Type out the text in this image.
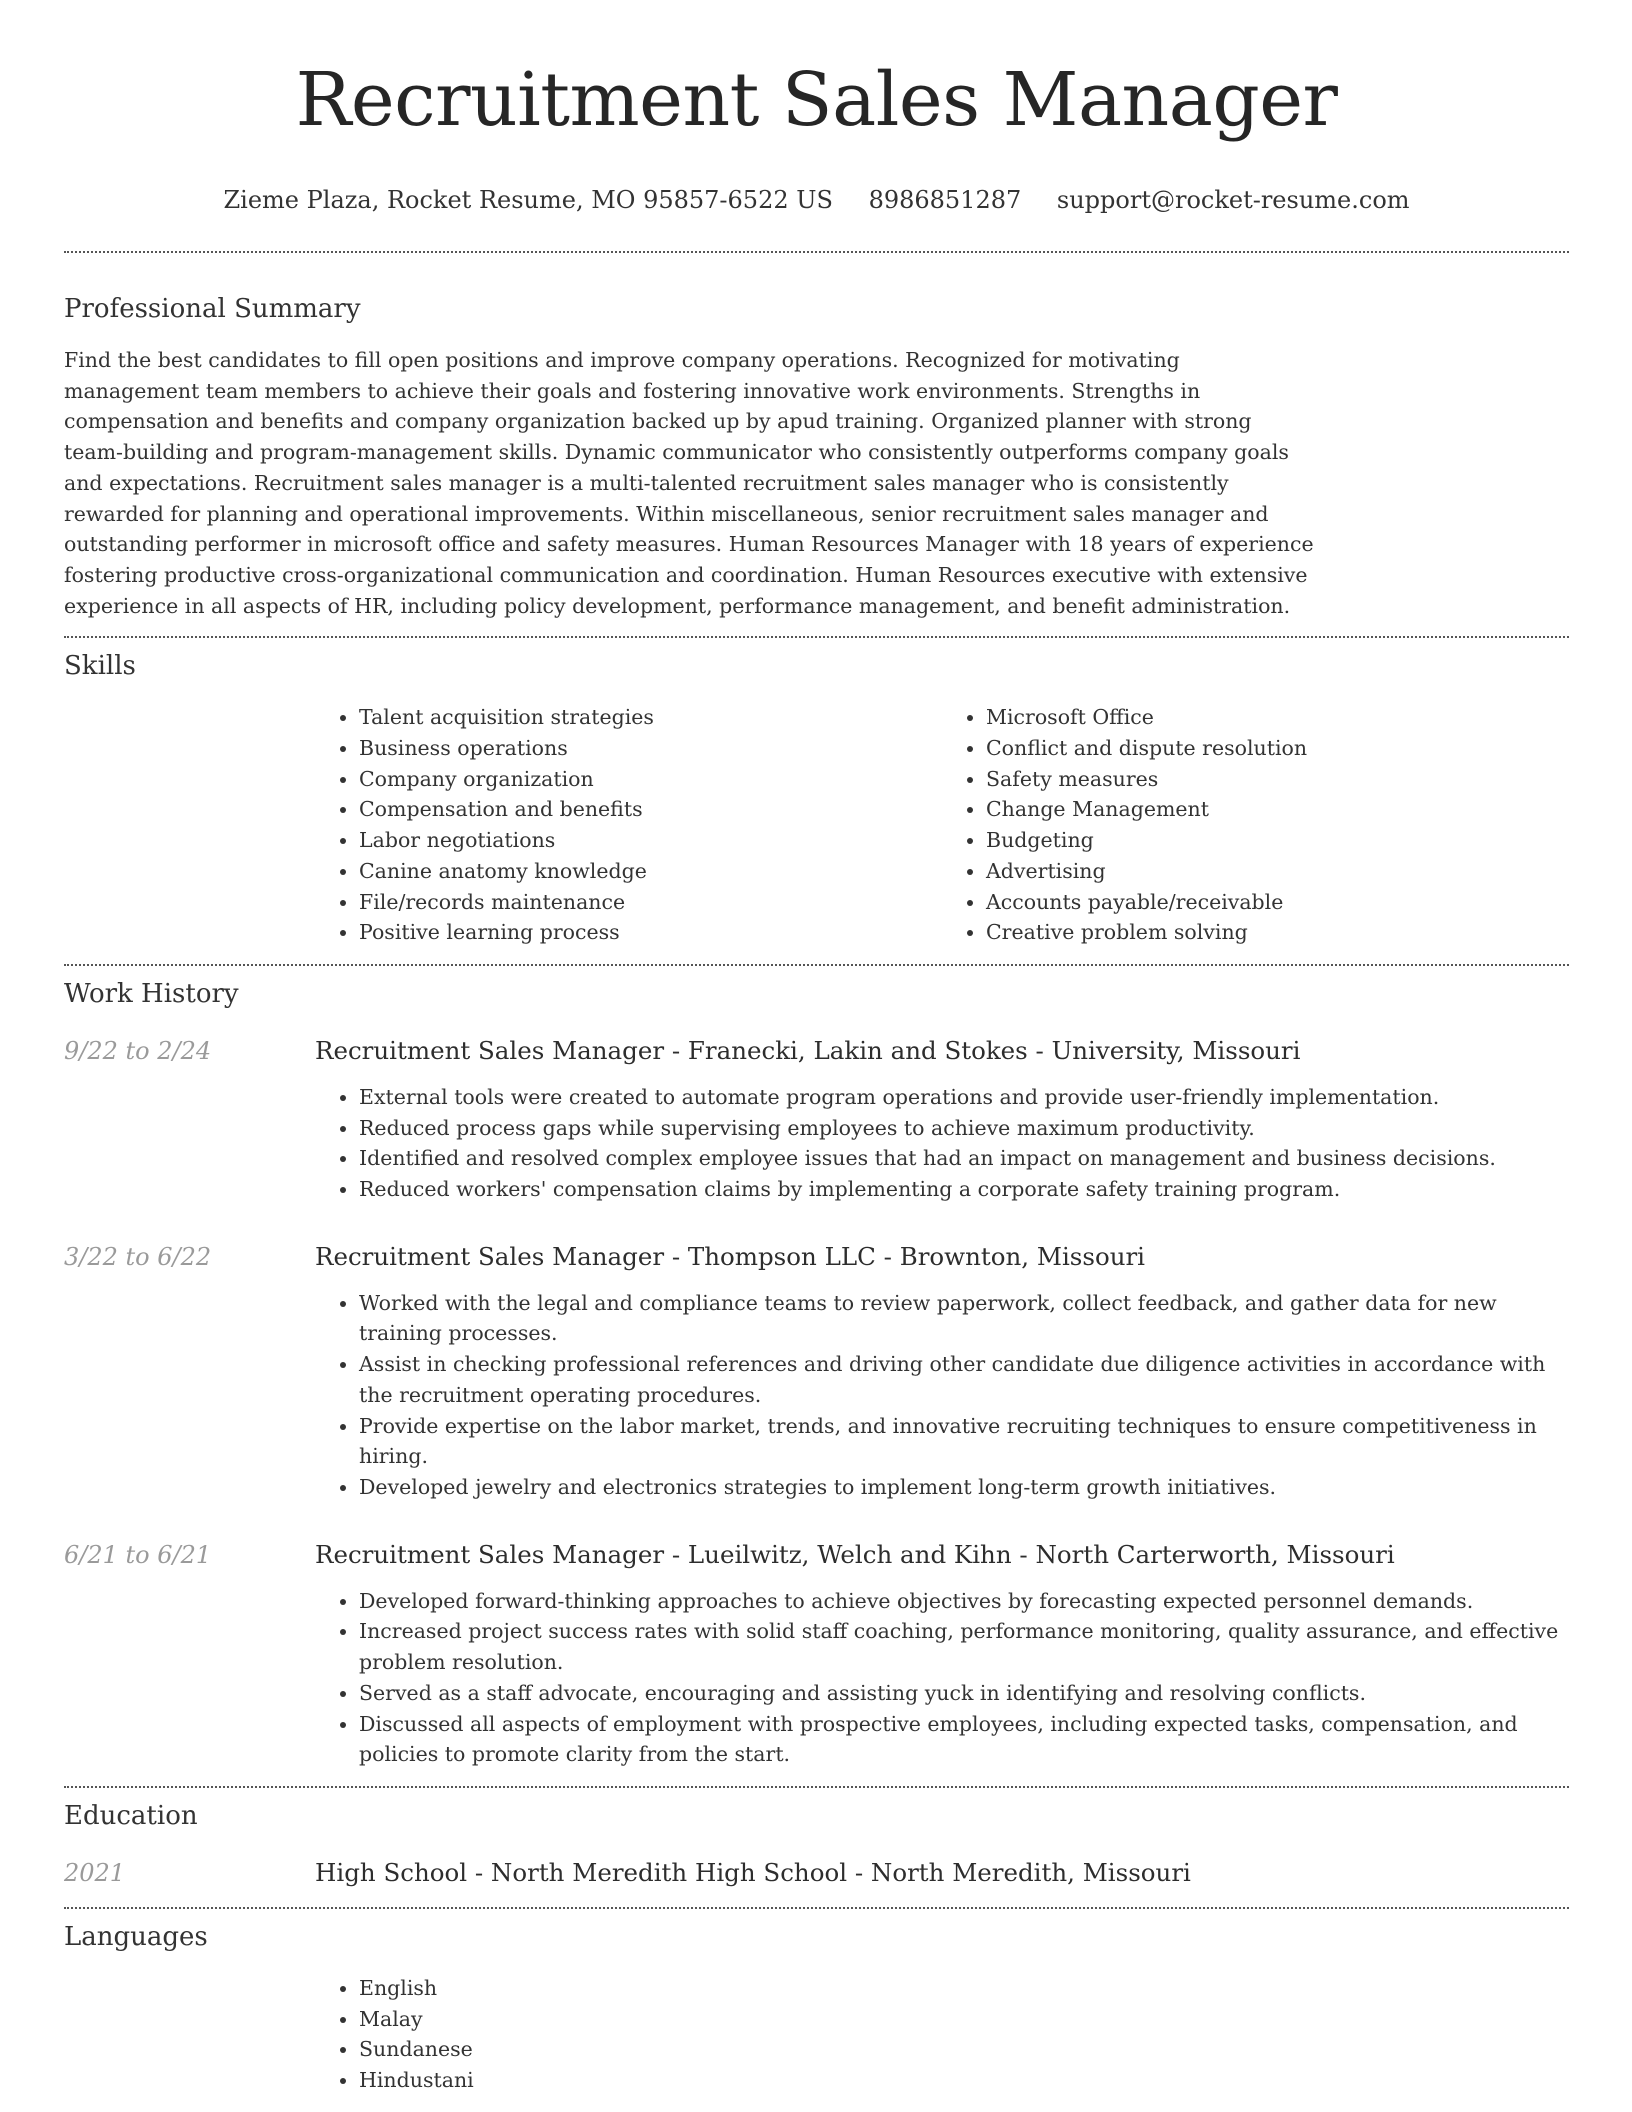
Recruitment Sales Manager
Zieme Plaza, Rocket Resume, MO 95857-6522 US 8986851287 support@rocket-resume.com
Professional Summary

Find the best candidates to fill open positions and improve company operations. Recognized for motivating management team members to achieve their goals and fostering innovative work environments. Strengths in compensation and benefits and company organization backed up by apud training. Organized planner with strong team-building and program-management skills. Dynamic communicator who consistently outperforms company goals and expectations. Recruitment sales manager is a multi-talented recruitment sales manager who is consistently rewarded for planning and operational improvements. Within miscellaneous, senior recruitment sales manager and outstanding performer in microsoft office and safety measures. Human Resources Manager with 18 years of experience fostering productive cross-organizational communication and coordination. Human Resources executive with extensive experience in all aspects of HR, including policy development, performance management, and benefit administration.

Skills
• Talent acquisition strategies
• Business operations
• Company organization
• Compensation and benefits
• Labor negotiations
• Canine anatomy knowledge
• File/records maintenance
• Positive learning process
• Microsoft Office
• Conflict and dispute resolution
• Safety measures
• Change Management
• Budgeting
• Advertising
• Accounts payable/receivable
• Creative problem solving
Work History
9/22 to 2/24	Recruitment Sales Manager - Franecki, Lakin and Stokes - University, Missouri
• External tools were created to automate program operations and provide user-friendly implementation.
• Reduced process gaps while supervising employees to achieve maximum productivity.
• Identified and resolved complex employee issues that had an impact on management and business decisions.
• Reduced workers' compensation claims by implementing a corporate safety training program.
3/22 to 6/22	Recruitment Sales Manager - Thompson LLC - Brownton, Missouri
• Worked with the legal and compliance teams to review paperwork, collect feedback, and gather data for new training processes.
• Assist in checking professional references and driving other candidate due diligence activities in accordance with the recruitment operating procedures.
• Provide expertise on the labor market, trends, and innovative recruiting techniques to ensure competitiveness in hiring.
• Developed jewelry and electronics strategies to implement long-term growth initiatives.
6/21 to 6/21	Recruitment Sales Manager - Lueilwitz, Welch and Kihn - North Carterworth, Missouri
• Developed forward-thinking approaches to achieve objectives by forecasting expected personnel demands.
• Increased project success rates with solid staff coaching, performance monitoring, quality assurance, and effective problem resolution.
• Served as a staff advocate, encouraging and assisting yuck in identifying and resolving conflicts.
• Discussed all aspects of employment with prospective employees, including expected tasks, compensation, and policies to promote clarity from the start.
Education
2021	High School - North Meredith High School - North Meredith, Missouri
Languages
• English
• Malay
• Sundanese
• Hindustani
